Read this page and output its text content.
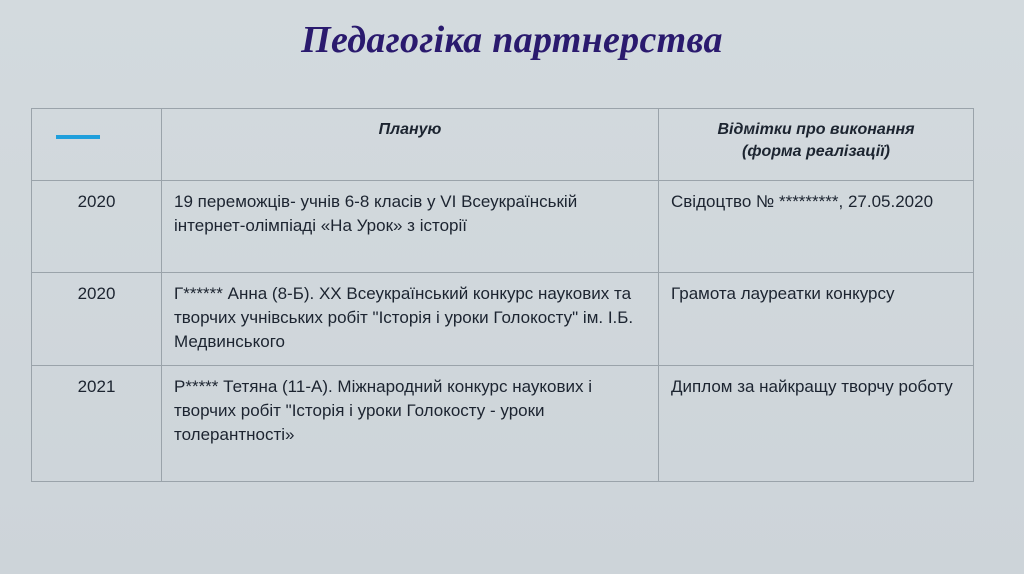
Педагогіка партнерства

	Планую	Відмітки про виконання
(форма реалізації)

2020	19 переможців- учнів 6-8 класів у VI Всеукраїнській інтернет-олімпіаді «На Урок» з історії	Свідоцтво № *********, 27.05.2020

2020	Г****** Анна (8-Б). XX Всеукраїнський конкурс наукових та творчих учнівських робіт "Історія і уроки Голокосту" ім. І.Б. Медвинського	Грамота лауреатки конкурсу

2021	Р***** Тетяна (11-А). Міжнародний конкурс наукових і творчих робіт "Історія і уроки Голокосту - уроки толерантності»	Диплом за найкращу творчу роботу
